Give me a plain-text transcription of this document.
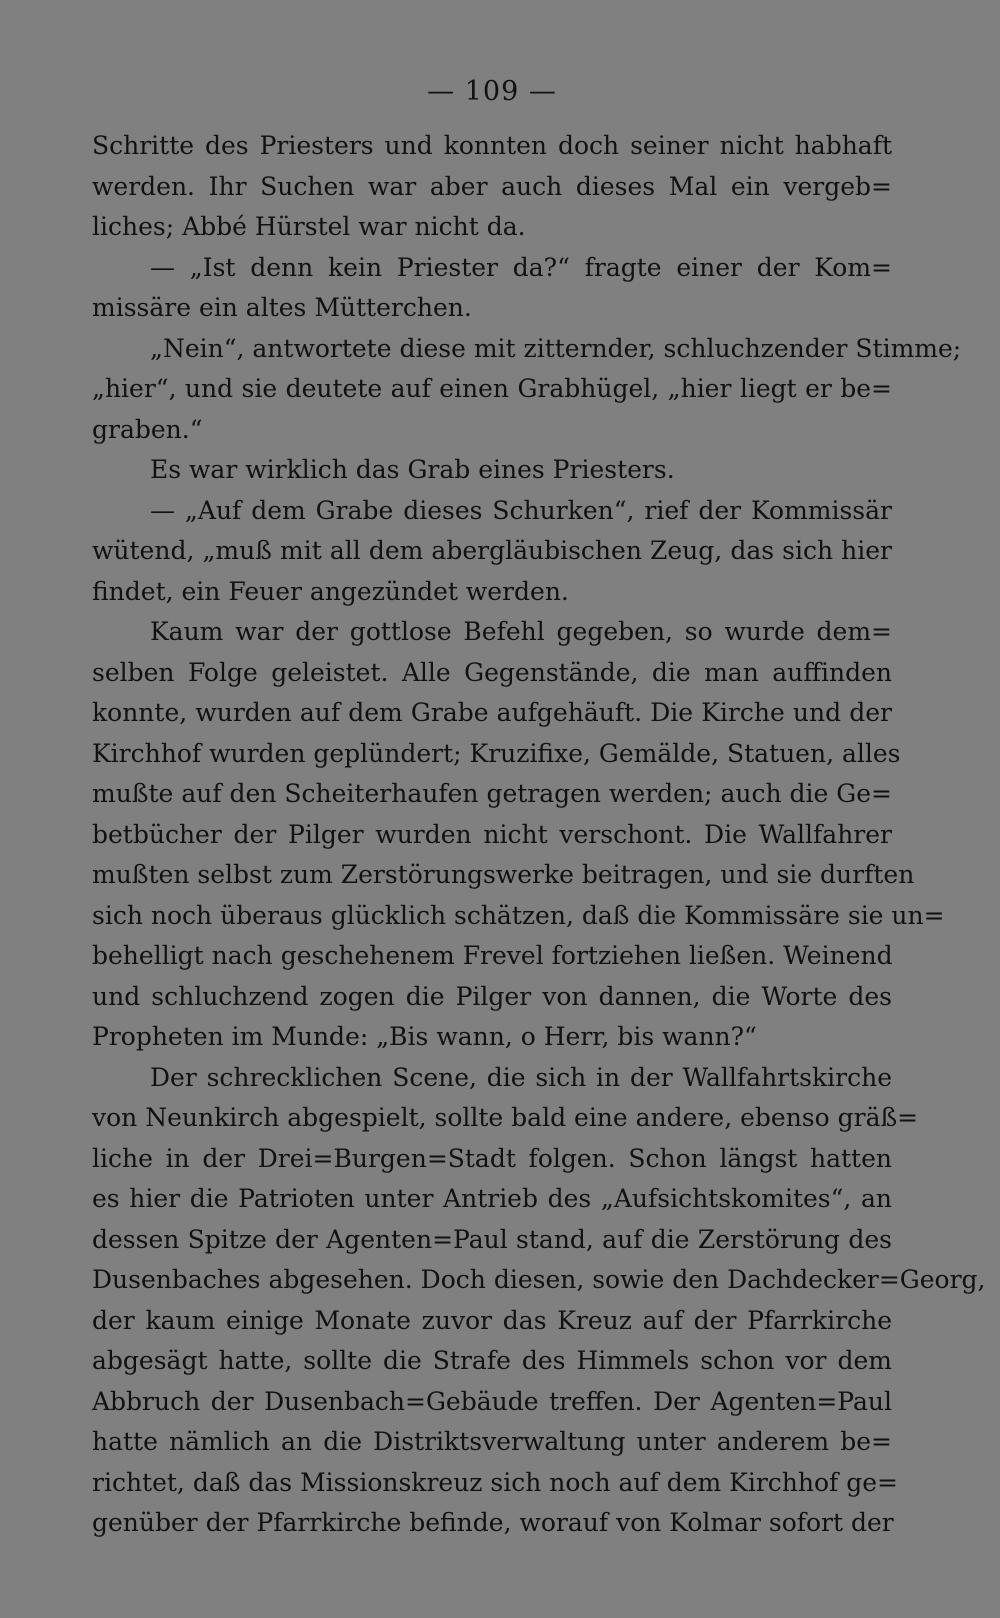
— 109 —
Schritte des Priesters und konnten doch seiner nicht habhaft
werden. Ihr Suchen war aber auch dieses Mal ein vergeb=
liches; Abbé Hürstel war nicht da.
— „Ist denn kein Priester da?“ fragte einer der Kom=
missäre ein altes Mütterchen.
„Nein“, antwortete diese mit zitternder, schluchzender Stimme;
„hier“, und sie deutete auf einen Grabhügel, „hier liegt er be=
graben.“
Es war wirklich das Grab eines Priesters.
— „Auf dem Grabe dieses Schurken“, rief der Kommissär
wütend, „muß mit all dem abergläubischen Zeug, das sich hier
findet, ein Feuer angezündet werden.
Kaum war der gottlose Befehl gegeben, so wurde dem=
selben Folge geleistet. Alle Gegenstände, die man auffinden
konnte, wurden auf dem Grabe aufgehäuft. Die Kirche und der
Kirchhof wurden geplündert; Kruzifixe, Gemälde, Statuen, alles
mußte auf den Scheiterhaufen getragen werden; auch die Ge=
betbücher der Pilger wurden nicht verschont. Die Wallfahrer
mußten selbst zum Zerstörungswerke beitragen, und sie durften
sich noch überaus glücklich schätzen, daß die Kommissäre sie un=
behelligt nach geschehenem Frevel fortziehen ließen. Weinend
und schluchzend zogen die Pilger von dannen, die Worte des
Propheten im Munde: „Bis wann, o Herr, bis wann?“
Der schrecklichen Scene, die sich in der Wallfahrtskirche
von Neunkirch abgespielt, sollte bald eine andere, ebenso gräß=
liche in der Drei=Burgen=Stadt folgen. Schon längst hatten
es hier die Patrioten unter Antrieb des „Aufsichtskomites“, an
dessen Spitze der Agenten=Paul stand, auf die Zerstörung des
Dusenbaches abgesehen. Doch diesen, sowie den Dachdecker=Georg,
der kaum einige Monate zuvor das Kreuz auf der Pfarrkirche
abgesägt hatte, sollte die Strafe des Himmels schon vor dem
Abbruch der Dusenbach=Gebäude treffen. Der Agenten=Paul
hatte nämlich an die Distriktsverwaltung unter anderem be=
richtet, daß das Missionskreuz sich noch auf dem Kirchhof ge=
genüber der Pfarrkirche befinde, worauf von Kolmar sofort der
